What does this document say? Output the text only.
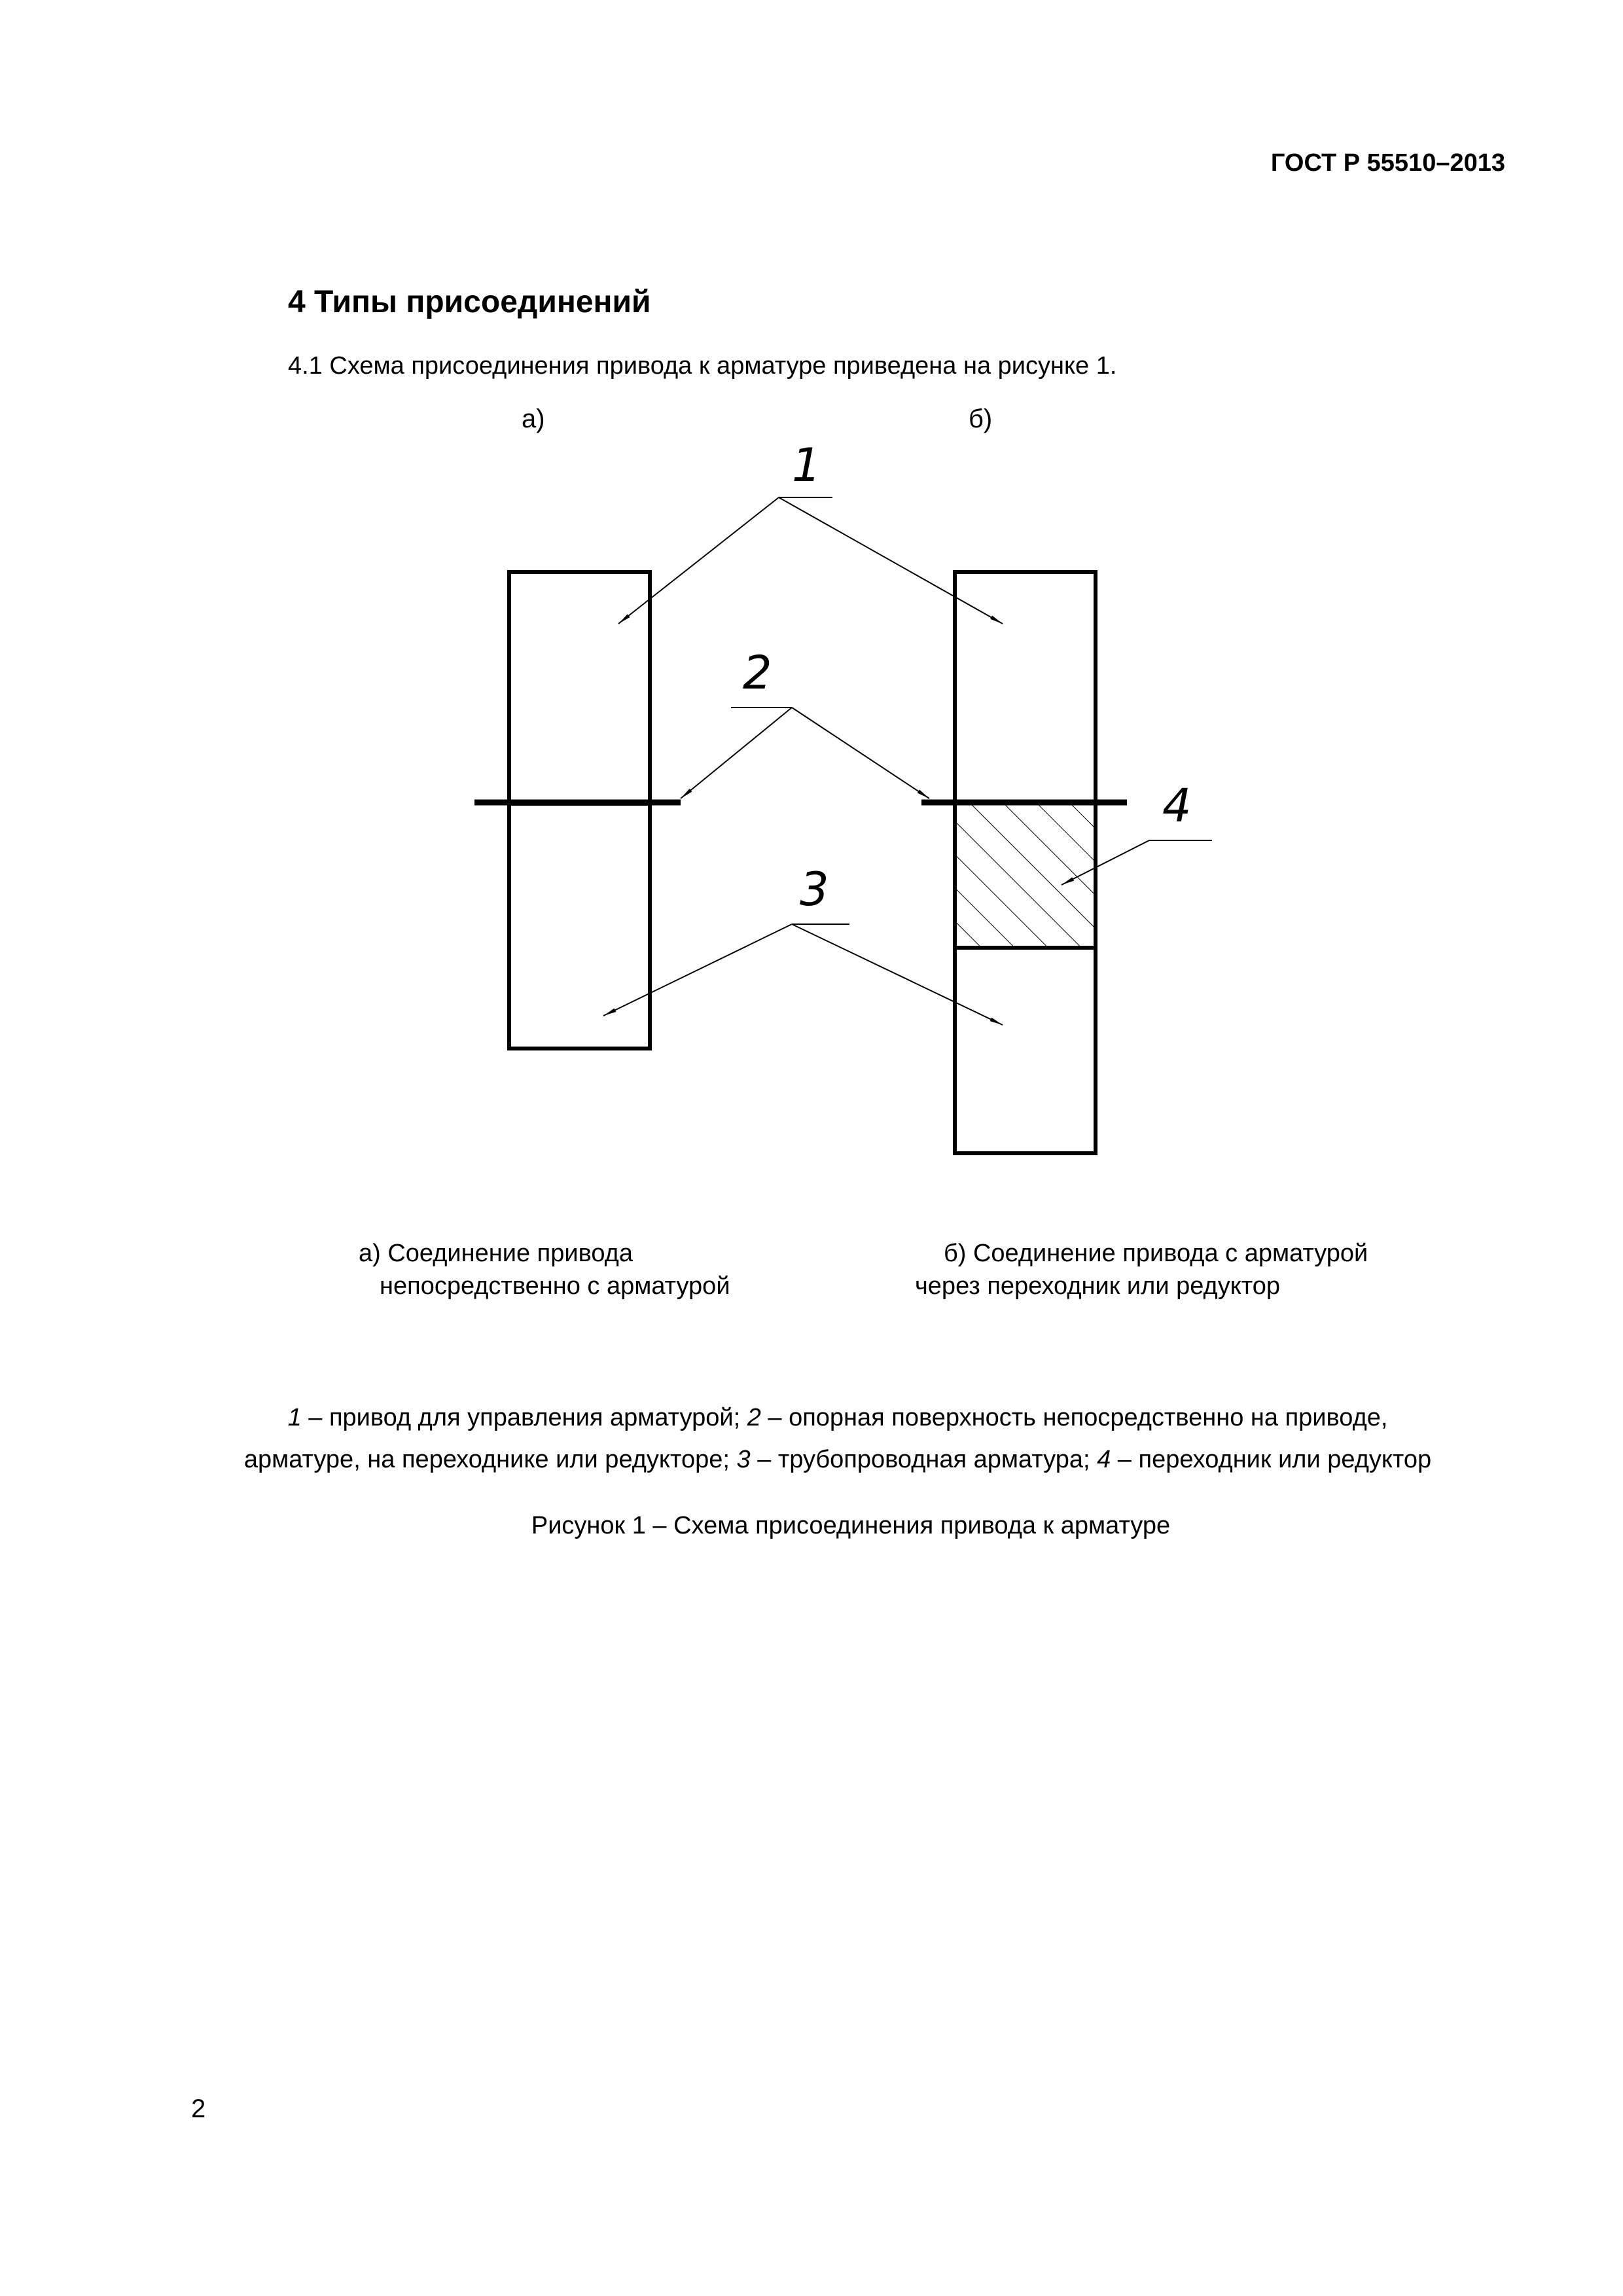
ГОСТ Р 55510–2013
4 Типы присоединений
4.1 Схема присоединения привода к арматуре приведена на рисунке 1.
а)	б)
1
2
3
4
а) Соединение привода
непосредственно с арматурой
б) Соединение привода с арматурой
через переходник или редуктор
1 – привод для управления арматурой; 2 – опорная поверхность непосредственно на приводе,
арматуре, на переходнике или редукторе; 3 – трубопроводная арматура; 4 – переходник или редуктор
Рисунок 1 – Схема присоединения привода к арматуре
2
